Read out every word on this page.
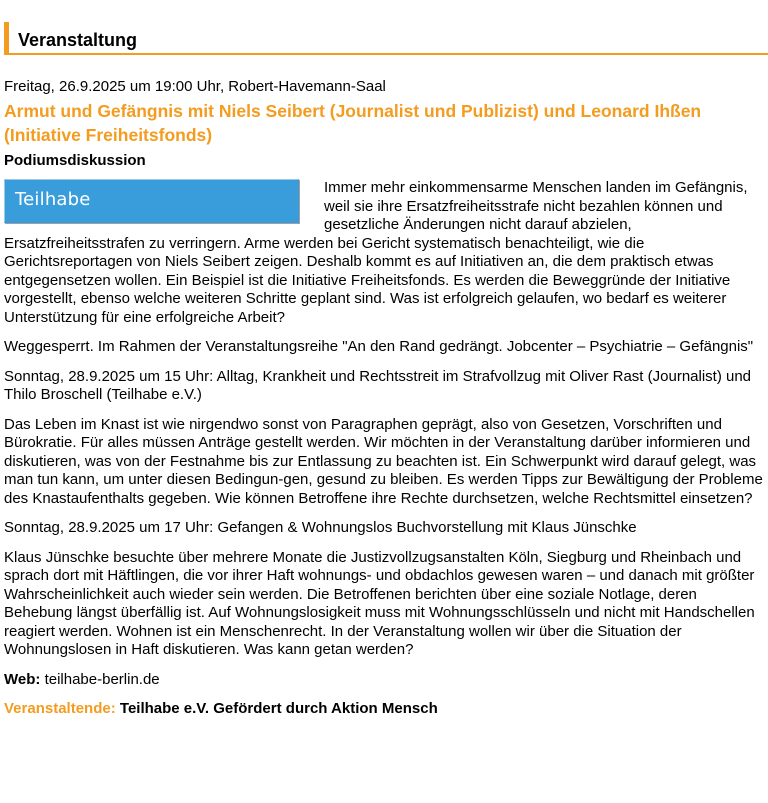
Veranstaltung

Freitag, 26.9.2025 um 19:00 Uhr, Robert-Havemann-Saal

Armut und Gefängnis mit Niels Seibert (Journalist und Publizist) und Leonard Ihßen (Initiative Freiheitsfonds)

Podiumsdiskussion

Teilhabe

Immer mehr einkommensarme Menschen landen im Gefängnis, weil sie ihre Ersatzfreiheitsstrafe nicht bezahlen können und gesetzliche Änderungen nicht darauf abzielen, Ersatzfreiheitsstrafen zu verringern. Arme werden bei Gericht systematisch benachteiligt, wie die Gerichtsreportagen von Niels Seibert zeigen. Deshalb kommt es auf Initiativen an, die dem praktisch etwas entgegensetzen wollen. Ein Beispiel ist die Initiative Freiheitsfonds. Es werden die Beweggründe der Initiative vorgestellt, ebenso welche weiteren Schritte geplant sind. Was ist erfolgreich gelaufen, wo bedarf es weiterer Unterstützung für eine erfolgreiche Arbeit?

Weggesperrt. Im Rahmen der Veranstaltungsreihe "An den Rand gedrängt. Jobcenter – Psychiatrie – Gefängnis"

Sonntag, 28.9.2025 um 15 Uhr: Alltag, Krankheit und Rechtsstreit im Strafvollzug mit Oliver Rast (Journalist) und Thilo Broschell (Teilhabe e.V.)

Das Leben im Knast ist wie nirgendwo sonst von Paragraphen geprägt, also von Gesetzen, Vorschriften und Bürokratie. Für alles müssen Anträge gestellt werden. Wir möchten in der Veranstaltung darüber informieren und diskutieren, was von der Festnahme bis zur Entlassung zu beachten ist. Ein Schwerpunkt wird darauf gelegt, was man tun kann, um unter diesen Bedingun-gen, gesund zu bleiben. Es werden Tipps zur Bewältigung der Probleme des Knastaufenthalts gegeben. Wie können Betroffene ihre Rechte durchsetzen, welche Rechtsmittel einsetzen?

Sonntag, 28.9.2025 um 17 Uhr: Gefangen & Wohnungslos Buchvorstellung mit Klaus Jünschke

Klaus Jünschke besuchte über mehrere Monate die Justizvollzugsanstalten Köln, Siegburg und Rheinbach und sprach dort mit Häftlingen, die vor ihrer Haft wohnungs- und obdachlos gewesen waren – und danach mit größter Wahrscheinlichkeit auch wieder sein werden. Die Betroffenen berichten über eine soziale Notlage, deren Behebung längst überfällig ist. Auf Wohnungslosigkeit muss mit Wohnungsschlüsseln und nicht mit Handschellen reagiert werden. Wohnen ist ein Menschenrecht. In der Veranstaltung wollen wir über die Situation der Wohnungslosen in Haft diskutieren. Was kann getan werden?

Web: teilhabe-berlin.de

Veranstaltende: Teilhabe e.V. Gefördert durch Aktion Mensch
